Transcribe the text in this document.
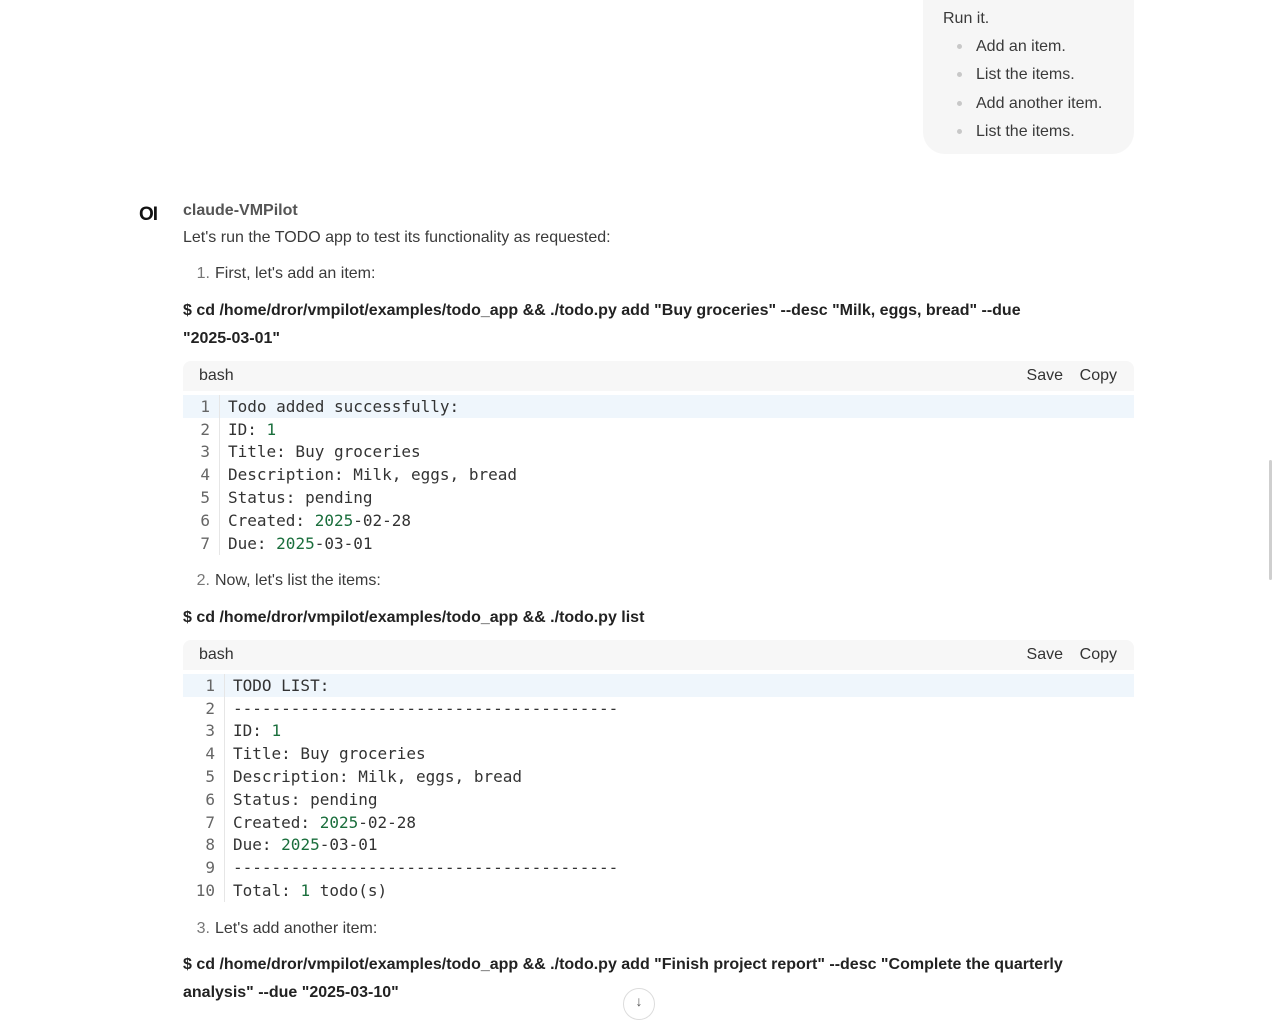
Run it.
Add an item.
List the items.
Add another item.
List the items.
OI claude-VMPilot
Let's run the TODO app to test its functionality as requested:
1. First, let's add an item:
$ cd /home/dror/vmpilot/examples/todo_app && ./todo.py add "Buy groceries" --desc "Milk, eggs, bread" --due "2025-03-01"
bash	Save Copy
1	Todo added successfully:
2	ID: 1
3	Title: Buy groceries
4	Description: Milk, eggs, bread
5	Status: pending
6	Created: 2025-02-28
7	Due: 2025-03-01
2. Now, let's list the items:
$ cd /home/dror/vmpilot/examples/todo_app && ./todo.py list
bash	Save Copy
1	TODO LIST:
2	----------------------------------------
3	ID: 1
4	Title: Buy groceries
5	Description: Milk, eggs, bread
6	Status: pending
7	Created: 2025-02-28
8	Due: 2025-03-01
9	----------------------------------------
10	Total: 1 todo(s)
3. Let's add another item:
$ cd /home/dror/vmpilot/examples/todo_app && ./todo.py add "Finish project report" --desc "Complete the quarterly analysis" --due "2025-03-10"	↓
